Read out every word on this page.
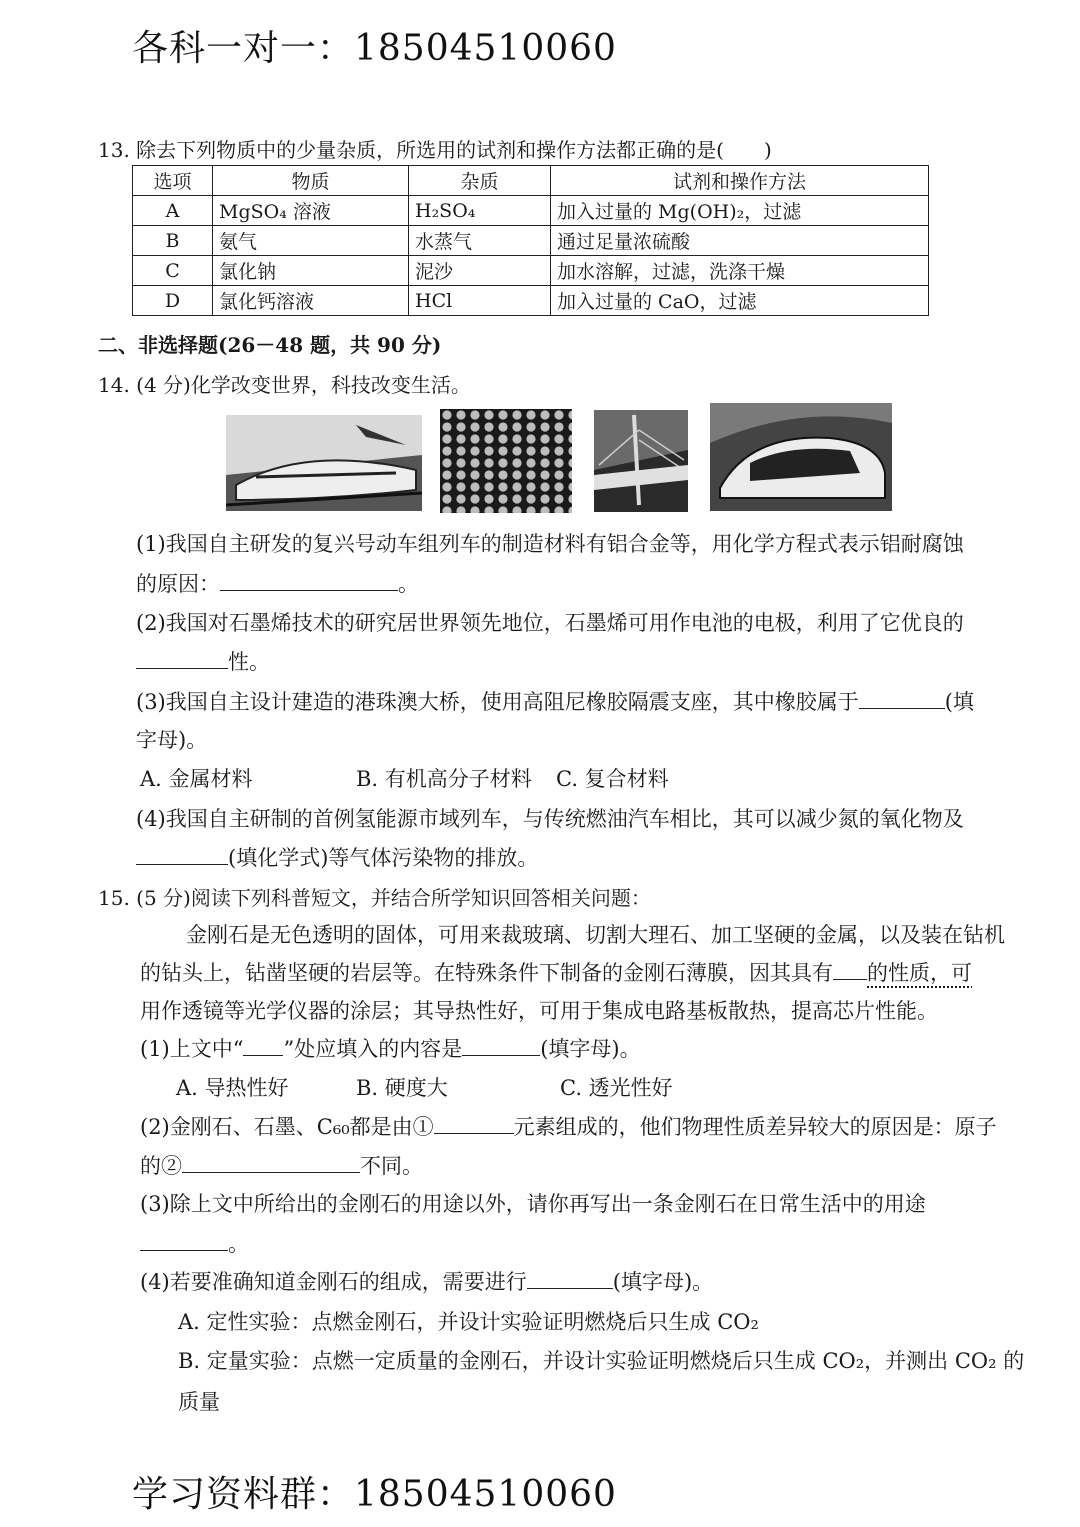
各科一对一：18504510060
13. 除去下列物质中的少量杂质，所选用的试剂和操作方法都正确的是(　　)
选项	物质	杂质	试剂和操作方法
A	MgSO₄ 溶液	H₂SO₄	加入过量的 Mg(OH)₂，过滤
B	氨气	水蒸气	通过足量浓硫酸
C	氯化钠	泥沙	加水溶解，过滤，洗涤干燥
D	氯化钙溶液	HCl	加入过量的 CaO，过滤
二、非选择题(26－48 题，共 90 分)
14. (4 分)化学改变世界，科技改变生活。
(1)我国自主研发的复兴号动车组列车的制造材料有铝合金等，用化学方程式表示铝耐腐蚀
的原因：	。
(2)我国对石墨烯技术的研究居世界领先地位，石墨烯可用作电池的电极，利用了它优良的
性。
(3)我国自主设计建造的港珠澳大桥，使用高阻尼橡胶隔震支座，其中橡胶属于	(填
字母)。
A. 金属材料	B. 有机高分子材料 C. 复合材料
(4)我国自主研制的首例氢能源市域列车，与传统燃油汽车相比，其可以减少氮的氧化物及
(填化学式)等气体污染物的排放。
15. (5 分)阅读下列科普短文，并结合所学知识回答相关问题：
金刚石是无色透明的固体，可用来裁玻璃、切割大理石、加工坚硬的金属，以及装在钻机
的钻头上，钻凿坚硬的岩层等。在特殊条件下制备的金刚石薄膜，因其具有 的性质，可
用作透镜等光学仪器的涂层；其导热性好，可用于集成电路基板散热，提高芯片性能。
(1)上文中“ ”处应填入的内容是	(填字母)。
A. 导热性好	B. 硬度大	C. 透光性好
(2)金刚石、石墨、C₆₀都是由①	元素组成的，他们物理性质差异较大的原因是：原子
的②	不同。
(3)除上文中所给出的金刚石的用途以外，请你再写出一条金刚石在日常生活中的用途
。
(4)若要准确知道金刚石的组成，需要进行	(填字母)。
A. 定性实验：点燃金刚石，并设计实验证明燃烧后只生成 CO₂
B. 定量实验：点燃一定质量的金刚石，并设计实验证明燃烧后只生成 CO₂，并测出 CO₂ 的
质量
学习资料群：18504510060
